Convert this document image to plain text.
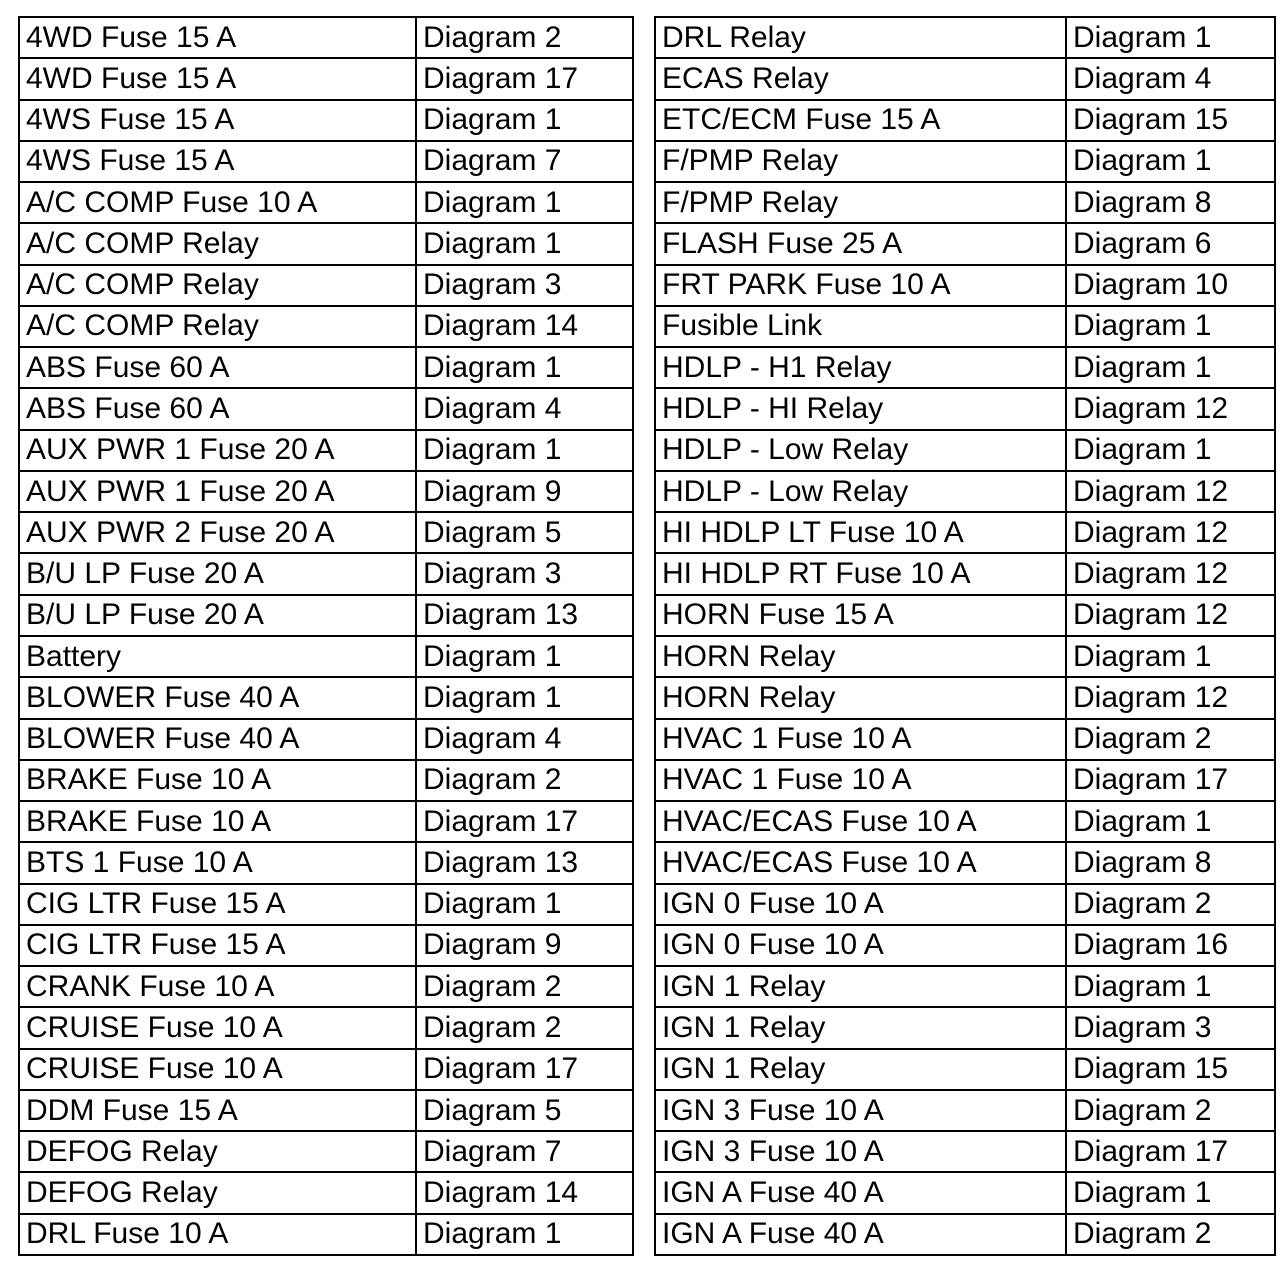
4WD Fuse 15 A	Diagram 2
4WD Fuse 15 A	Diagram 17
4WS Fuse 15 A	Diagram 1
4WS Fuse 15 A	Diagram 7
A/C COMP Fuse 10 A	Diagram 1
A/C COMP Relay	Diagram 1
A/C COMP Relay	Diagram 3
A/C COMP Relay	Diagram 14
ABS Fuse 60 A	Diagram 1
ABS Fuse 60 A	Diagram 4
AUX PWR 1 Fuse 20 A	Diagram 1
AUX PWR 1 Fuse 20 A	Diagram 9
AUX PWR 2 Fuse 20 A	Diagram 5
B/U LP Fuse 20 A	Diagram 3
B/U LP Fuse 20 A	Diagram 13
Battery	Diagram 1
BLOWER Fuse 40 A	Diagram 1
BLOWER Fuse 40 A	Diagram 4
BRAKE Fuse 10 A	Diagram 2
BRAKE Fuse 10 A	Diagram 17
BTS 1 Fuse 10 A	Diagram 13
CIG LTR Fuse 15 A	Diagram 1
CIG LTR Fuse 15 A	Diagram 9
CRANK Fuse 10 A	Diagram 2
CRUISE Fuse 10 A	Diagram 2
CRUISE Fuse 10 A	Diagram 17
DDM Fuse 15 A	Diagram 5
DEFOG Relay	Diagram 7
DEFOG Relay	Diagram 14
DRL Fuse 10 A	Diagram 1
DRL Relay	Diagram 1
ECAS Relay	Diagram 4
ETC/ECM Fuse 15 A	Diagram 15
F/PMP Relay	Diagram 1
F/PMP Relay	Diagram 8
FLASH Fuse 25 A	Diagram 6
FRT PARK Fuse 10 A	Diagram 10
Fusible Link	Diagram 1
HDLP - H1 Relay	Diagram 1
HDLP - HI Relay	Diagram 12
HDLP - Low Relay	Diagram 1
HDLP - Low Relay	Diagram 12
HI HDLP LT Fuse 10 A	Diagram 12
HI HDLP RT Fuse 10 A	Diagram 12
HORN Fuse 15 A	Diagram 12
HORN Relay	Diagram 1
HORN Relay	Diagram 12
HVAC 1 Fuse 10 A	Diagram 2
HVAC 1 Fuse 10 A	Diagram 17
HVAC/ECAS Fuse 10 A	Diagram 1
HVAC/ECAS Fuse 10 A	Diagram 8
IGN 0 Fuse 10 A	Diagram 2
IGN 0 Fuse 10 A	Diagram 16
IGN 1 Relay	Diagram 1
IGN 1 Relay	Diagram 3
IGN 1 Relay	Diagram 15
IGN 3 Fuse 10 A	Diagram 2
IGN 3 Fuse 10 A	Diagram 17
IGN A Fuse 40 A	Diagram 1
IGN A Fuse 40 A	Diagram 2
